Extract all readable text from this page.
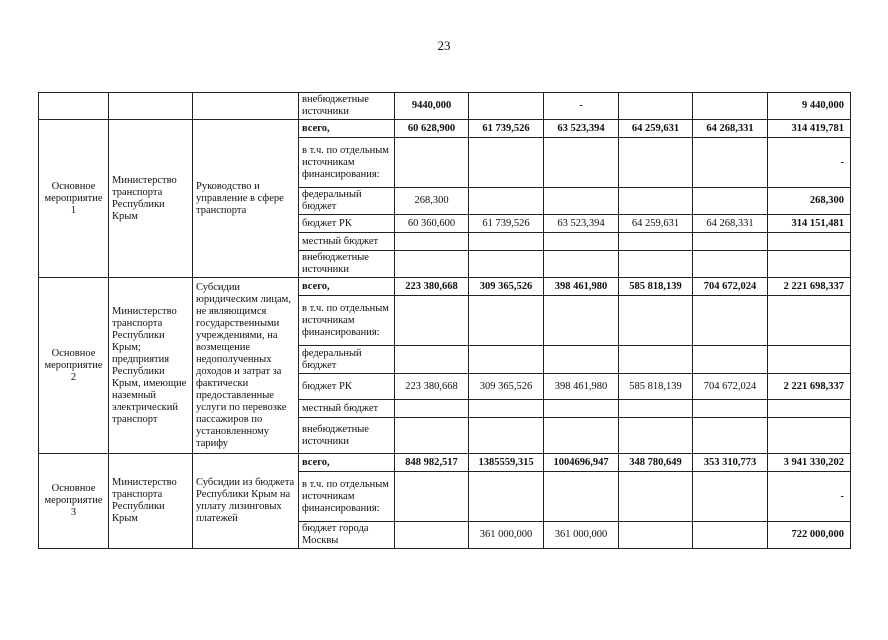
23
			внебюджетные источники	9440,000		-			9 440,000
Основное мероприятие 1	Министерство транспорта Республики Крым	Руководство и управление в сфере транспорта	всего,	60 628,900	61 739,526	63 523,394	64 259,631	64 268,331	314 419,781
			в т.ч. по отдельным источникам финансирования:						-
			федеральный бюджет	268,300					268,300
			бюджет РК	60 360,600	61 739,526	63 523,394	64 259,631	64 268,331	314 151,481
			местный бюджет						
			внебюджетные источники						
Основное мероприятие 2	Министерство транспорта Республики Крым; предприятия Республики Крым, имеющие наземный электрический транспорт	Субсидии юридическим лицам, не являющимся государственными учреждениями, на возмещение недополученных доходов и затрат за фактически предоставленные услуги по перевозке пассажиров по установленному тарифу	всего,	223 380,668	309 365,526	398 461,980	585 818,139	704 672,024	2 221 698,337
			в т.ч. по отдельным источникам финансирования:						
			федеральный бюджет						
			бюджет РК	223 380,668	309 365,526	398 461,980	585 818,139	704 672,024	2 221 698,337
			местный бюджет						
			внебюджетные источники						
Основное мероприятие 3	Министерство транспорта Республики Крым	Субсидии из бюджета Республики Крым на уплату лизинговых платежей	всего,	848 982,517	1385559,315	1004696,947	348 780,649	353 310,773	3 941 330,202
			в т.ч. по отдельным источникам финансирования:						-
			бюджет города Москвы		361 000,000	361 000,000			722 000,000
